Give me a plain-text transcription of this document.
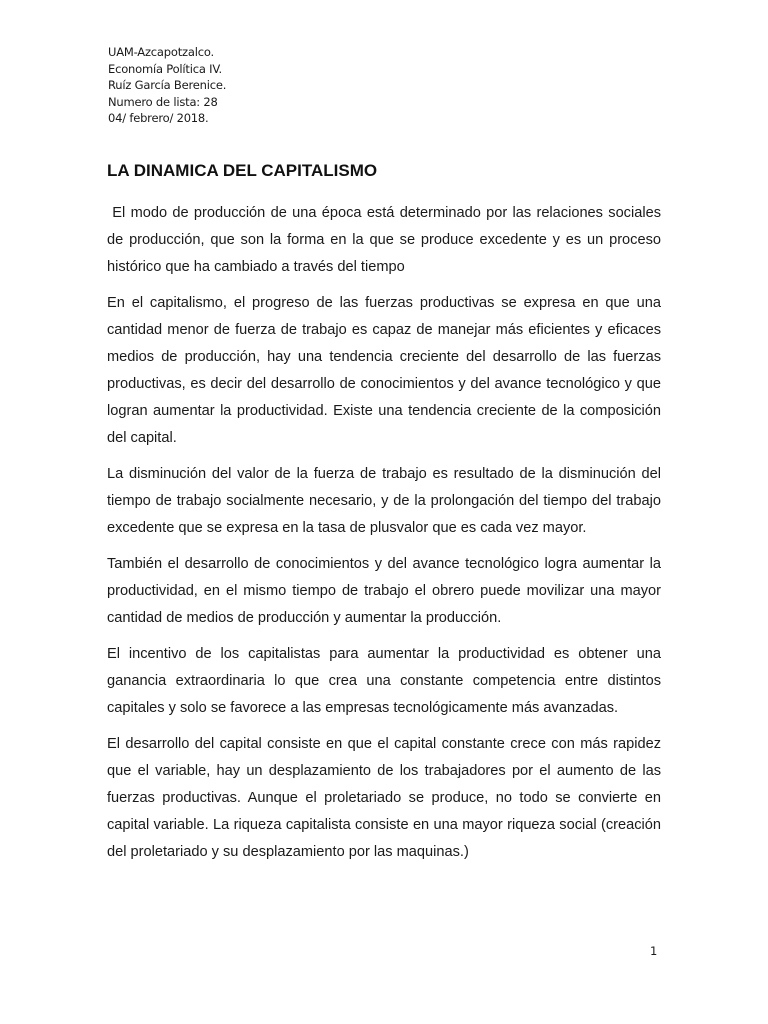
UAM-Azcapotzalco.
Economía Política IV.
Ruíz García Berenice.
Numero de lista: 28
04/ febrero/ 2018.
LA DINAMICA DEL CAPITALISMO

El modo de producción de una época está determinado por las relaciones sociales de producción, que son la forma en la que se produce excedente y es un proceso histórico que ha cambiado a través del tiempo

En el capitalismo, el progreso de las fuerzas productivas se expresa en que una cantidad menor de fuerza de trabajo es capaz de manejar más eficientes y eficaces medios de producción, hay una tendencia creciente del desarrollo de las fuerzas productivas, es decir del desarrollo de conocimientos y del avance tecnológico y que logran aumentar la productividad. Existe una tendencia creciente de la composición del capital.

La disminución del valor de la fuerza de trabajo es resultado de la disminución del tiempo de trabajo socialmente necesario, y de la prolongación del tiempo del trabajo excedente que se expresa en la tasa de plusvalor que es cada vez mayor.

También el desarrollo de conocimientos y del avance tecnológico logra aumentar la productividad, en el mismo tiempo de trabajo el obrero puede movilizar una mayor cantidad de medios de producción y aumentar la producción.

El incentivo de los capitalistas para aumentar la productividad es obtener una ganancia extraordinaria lo que crea una constante competencia entre distintos capitales y solo se favorece a las empresas tecnológicamente más avanzadas.

El desarrollo del capital consiste en que el capital constante crece con más rapidez que el variable, hay un desplazamiento de los trabajadores por el aumento de las fuerzas productivas. Aunque el proletariado se produce, no todo se convierte en capital variable. La riqueza capitalista consiste en una mayor riqueza social (creación del proletariado y su desplazamiento por las maquinas.)

1
